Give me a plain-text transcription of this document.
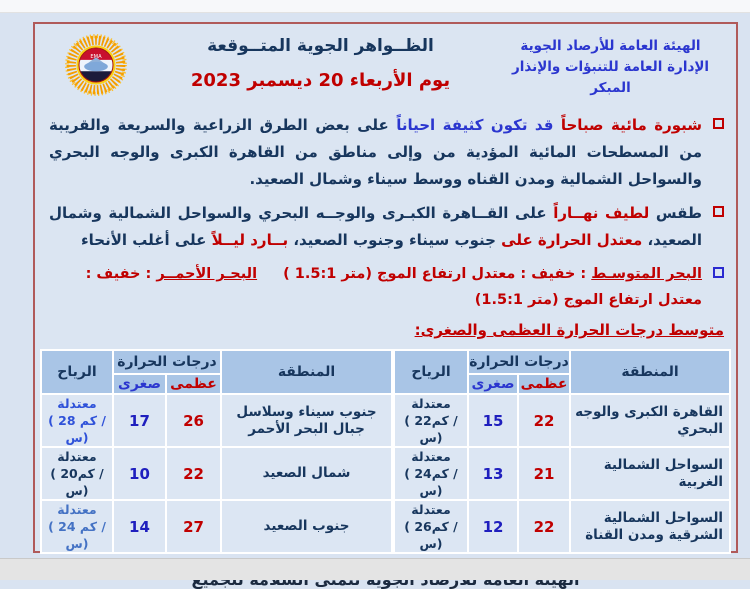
الهيئة العامة للأرصاد الجوية
الإدارة العامة للتنبؤات والإنذار المبكر
الظــواهر الجوية المتــوقعة
يوم الأربعاء 20 ديسمبر 2023
EMA
شبورة مائية صباحاً قد تكون كثيفة احياناً على بعض الطرق الزراعية والسريعة والقريبة من المسطحات المائية المؤدية من وإلى مناطق من القاهرة الكبرى والوجه البحري والسواحل الشمالية ومدن القناه ووسط سيناء وشمال الصعيد.
طقس لطيف نهــاراً على القــاهرة الكبـرى والوجــه البحري والسواحل الشمالية وشمال الصعيد، معتدل الحرارة على جنوب سيناء وجنوب الصعيد، بــارد ليــلاً على أغلب الأنحاء
البحر المتوسـط : خفيف : معتدل ارتفاع الموج ( 1.5:1 متر)البحـر الأحمــر : خفيف : معتدل ارتفاع الموج (1.5:1 متر)
متوسط درجات الحرارة العظمى والصغرى:
المنطقة	درجات الحرارة		الرياح
	عظمى	صغرى	
القاهرة الكبرى والوجه البحري	22	15	معتدلة
( 22كم ‎/س)

السواحل الشمالية الغربية	21	13	معتدلة
( 24كم ‎/س)

السواحل الشمالية الشرقية ومدن القناة	22	12	معتدلة
( 26كم ‎/س)
المنطقة	درجات الحرارة		الرياح
	عظمى	صغرى	
جنوب سيناء وسلاسل جبال البحر الأحمر	26	17	معتدلة
( 28 كم ‎/س)

شمال الصعيد	22	10	معتدلة
( 20كم ‎/س)

جنوب الصعيد	27	14	معتدلة
( 24 كم ‎/س)
